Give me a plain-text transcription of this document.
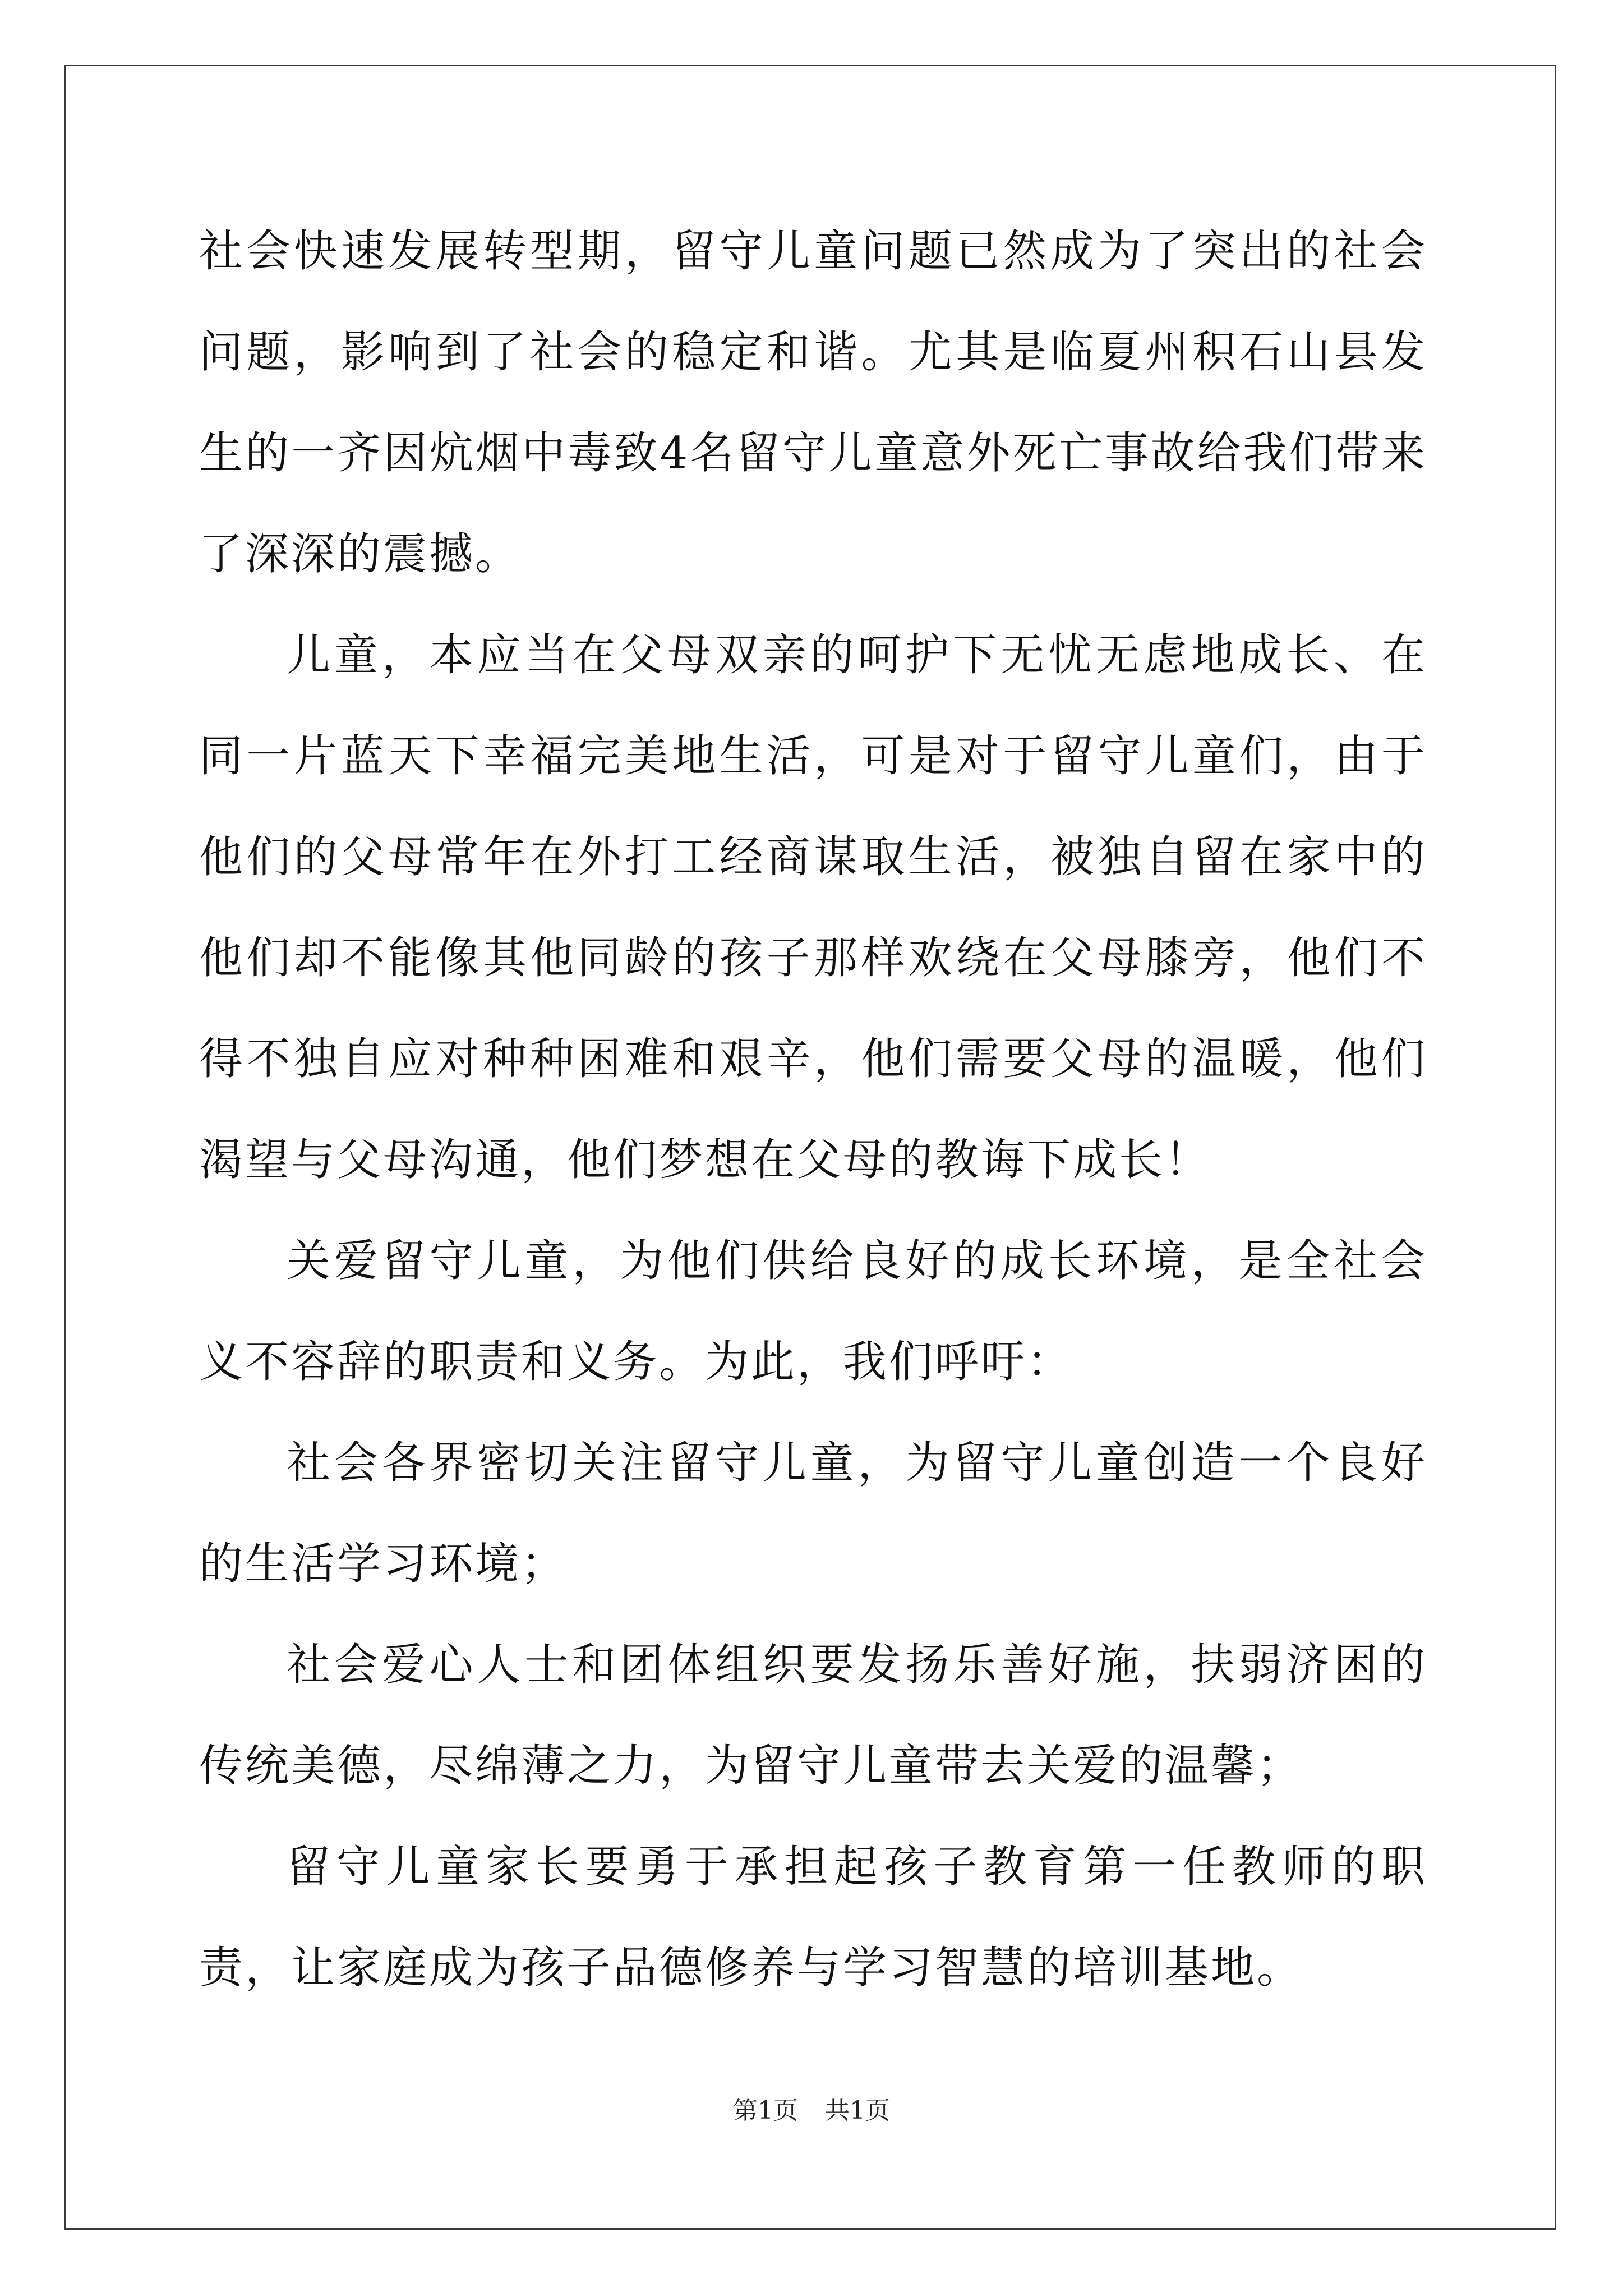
社会快速发展转型期，留守儿童问题已然成为了突出的社会问题，影响到了社会的稳定和谐。尤其是临夏州积石山县发生的一齐因炕烟中毒致4名留守儿童意外死亡事故给我们带来了深深的震撼。

儿童，本应当在父母双亲的呵护下无忧无虑地成长、在同一片蓝天下幸福完美地生活，可是对于留守儿童们，由于他们的父母常年在外打工经商谋取生活，被独自留在家中的他们却不能像其他同龄的孩子那样欢绕在父母膝旁，他们不得不独自应对种种困难和艰辛，他们需要父母的温暖，他们渴望与父母沟通，他们梦想在父母的教诲下成长！

关爱留守儿童，为他们供给良好的成长环境，是全社会义不容辞的职责和义务。为此，我们呼吁：

社会各界密切关注留守儿童，为留守儿童创造一个良好的生活学习环境；

社会爱心人士和团体组织要发扬乐善好施，扶弱济困的传统美德，尽绵薄之力，为留守儿童带去关爱的温馨；

留守儿童家长要勇于承担起孩子教育第一任教师的职责，让家庭成为孩子品德修养与学习智慧的培训基地。

第1页 共1页
